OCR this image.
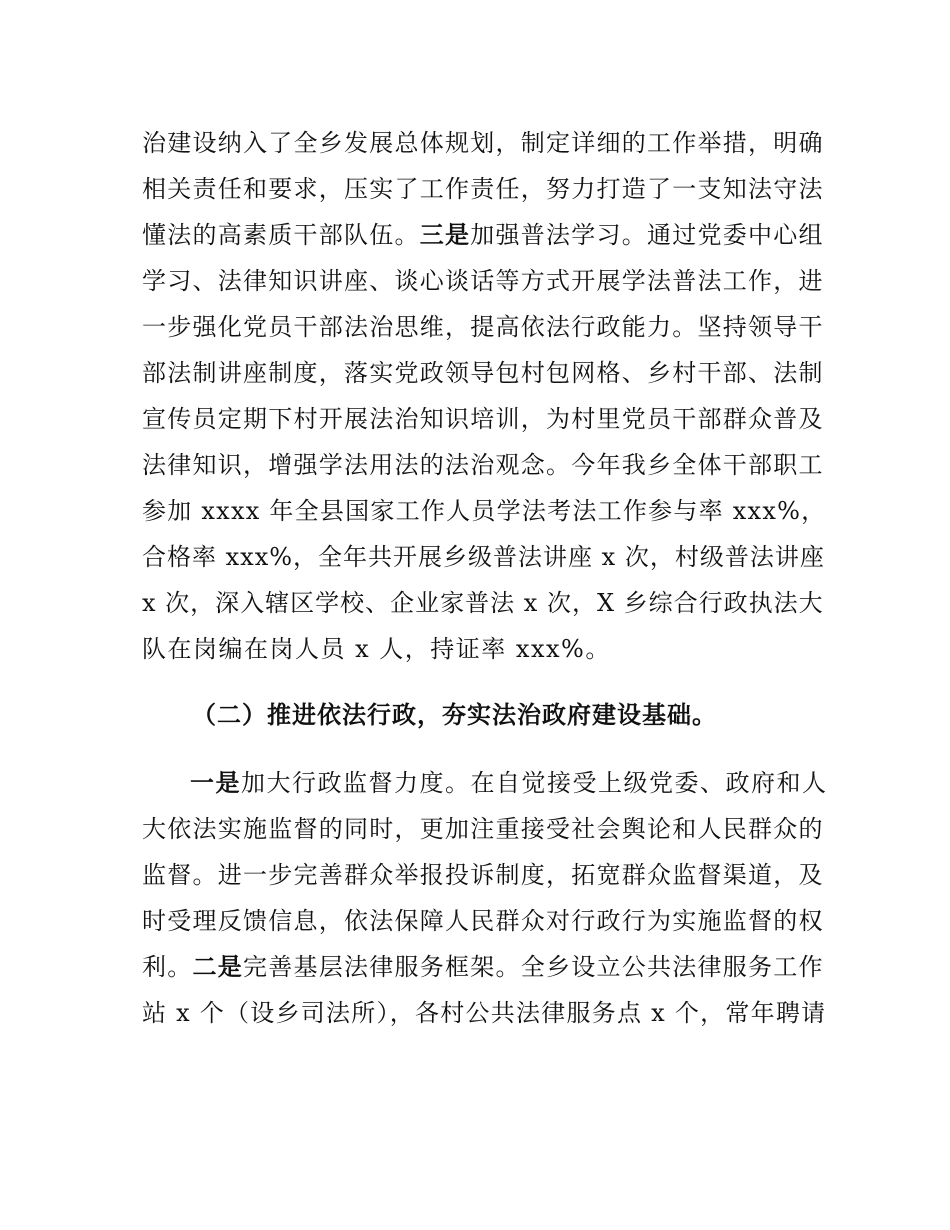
治建设纳入了全乡发展总体规划，制定详细的工作举措，明确
相关责任和要求，压实了工作责任，努力打造了一支知法守法
懂法的高素质干部队伍。三是加强普法学习。通过党委中心组
学习、法律知识讲座、谈心谈话等方式开展学法普法工作，进
一步强化党员干部法治思维，提高依法行政能力。坚持领导干
部法制讲座制度，落实党政领导包村包网格、乡村干部、法制
宣传员定期下村开展法治知识培训，为村里党员干部群众普及
法律知识，增强学法用法的法治观念。今年我乡全体干部职工
参加 xxxx 年全县国家工作人员学法考法工作参与率 xxx%，
合格率 xxx%，全年共开展乡级普法讲座 x 次，村级普法讲座
x 次，深入辖区学校、企业家普法 x 次，X 乡综合行政执法大
队在岗编在岗人员 x 人，持证率 xxx%。
（二）推进依法行政，夯实法治政府建设基础。
一是加大行政监督力度。在自觉接受上级党委、政府和人
大依法实施监督的同时，更加注重接受社会舆论和人民群众的
监督。进一步完善群众举报投诉制度，拓宽群众监督渠道，及
时受理反馈信息，依法保障人民群众对行政行为实施监督的权
利。二是完善基层法律服务框架。全乡设立公共法律服务工作
站 x 个（设乡司法所），各村公共法律服务点 x 个，常年聘请
